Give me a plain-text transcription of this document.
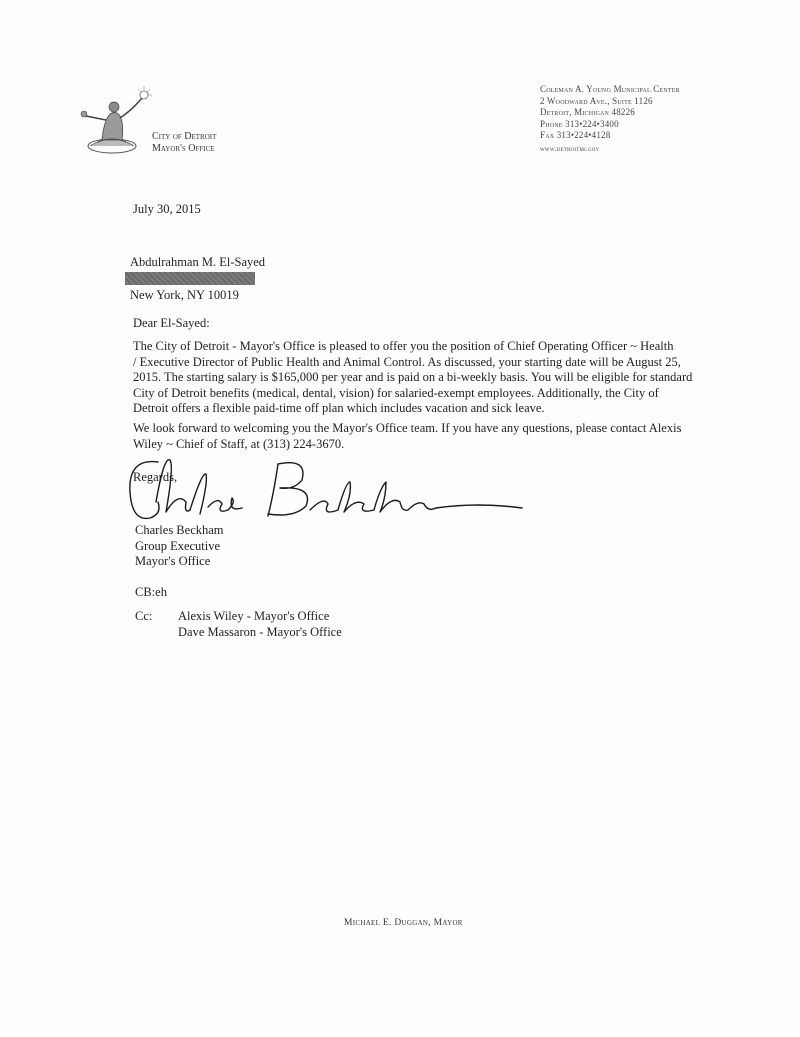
City of Detroit
Mayor's Office
Coleman A. Young Municipal Center
2 Woodward Ave., Suite 1126
Detroit, Michigan 48226
Phone 313•224•3400
Fax 313•224•4128
www.detroitmi.gov
July 30, 2015
Abdulrahman M. El-Sayed
New York, NY 10019
Dear El-Sayed:
The City of Detroit - Mayor's Office is pleased to offer you the position of Chief Operating Officer ~ Health
/ Executive Director of Public Health and Animal Control. As discussed, your starting date will be August 25,
2015. The starting salary is $165,000 per year and is paid on a bi-weekly basis. You will be eligible for standard
City of Detroit benefits (medical, dental, vision) for salaried-exempt employees. Additionally, the City of
Detroit offers a flexible paid-time off plan which includes vacation and sick leave.
We look forward to welcoming you the Mayor's Office team. If you have any questions, please contact Alexis
Wiley ~ Chief of Staff, at (313) 224-3670.
Regards,
Charles Beckham
Group Executive
Mayor's Office
CB:eh
Cc: Alexis Wiley - Mayor's Office
Dave Massaron - Mayor's Office
Michael E. Duggan, Mayor
